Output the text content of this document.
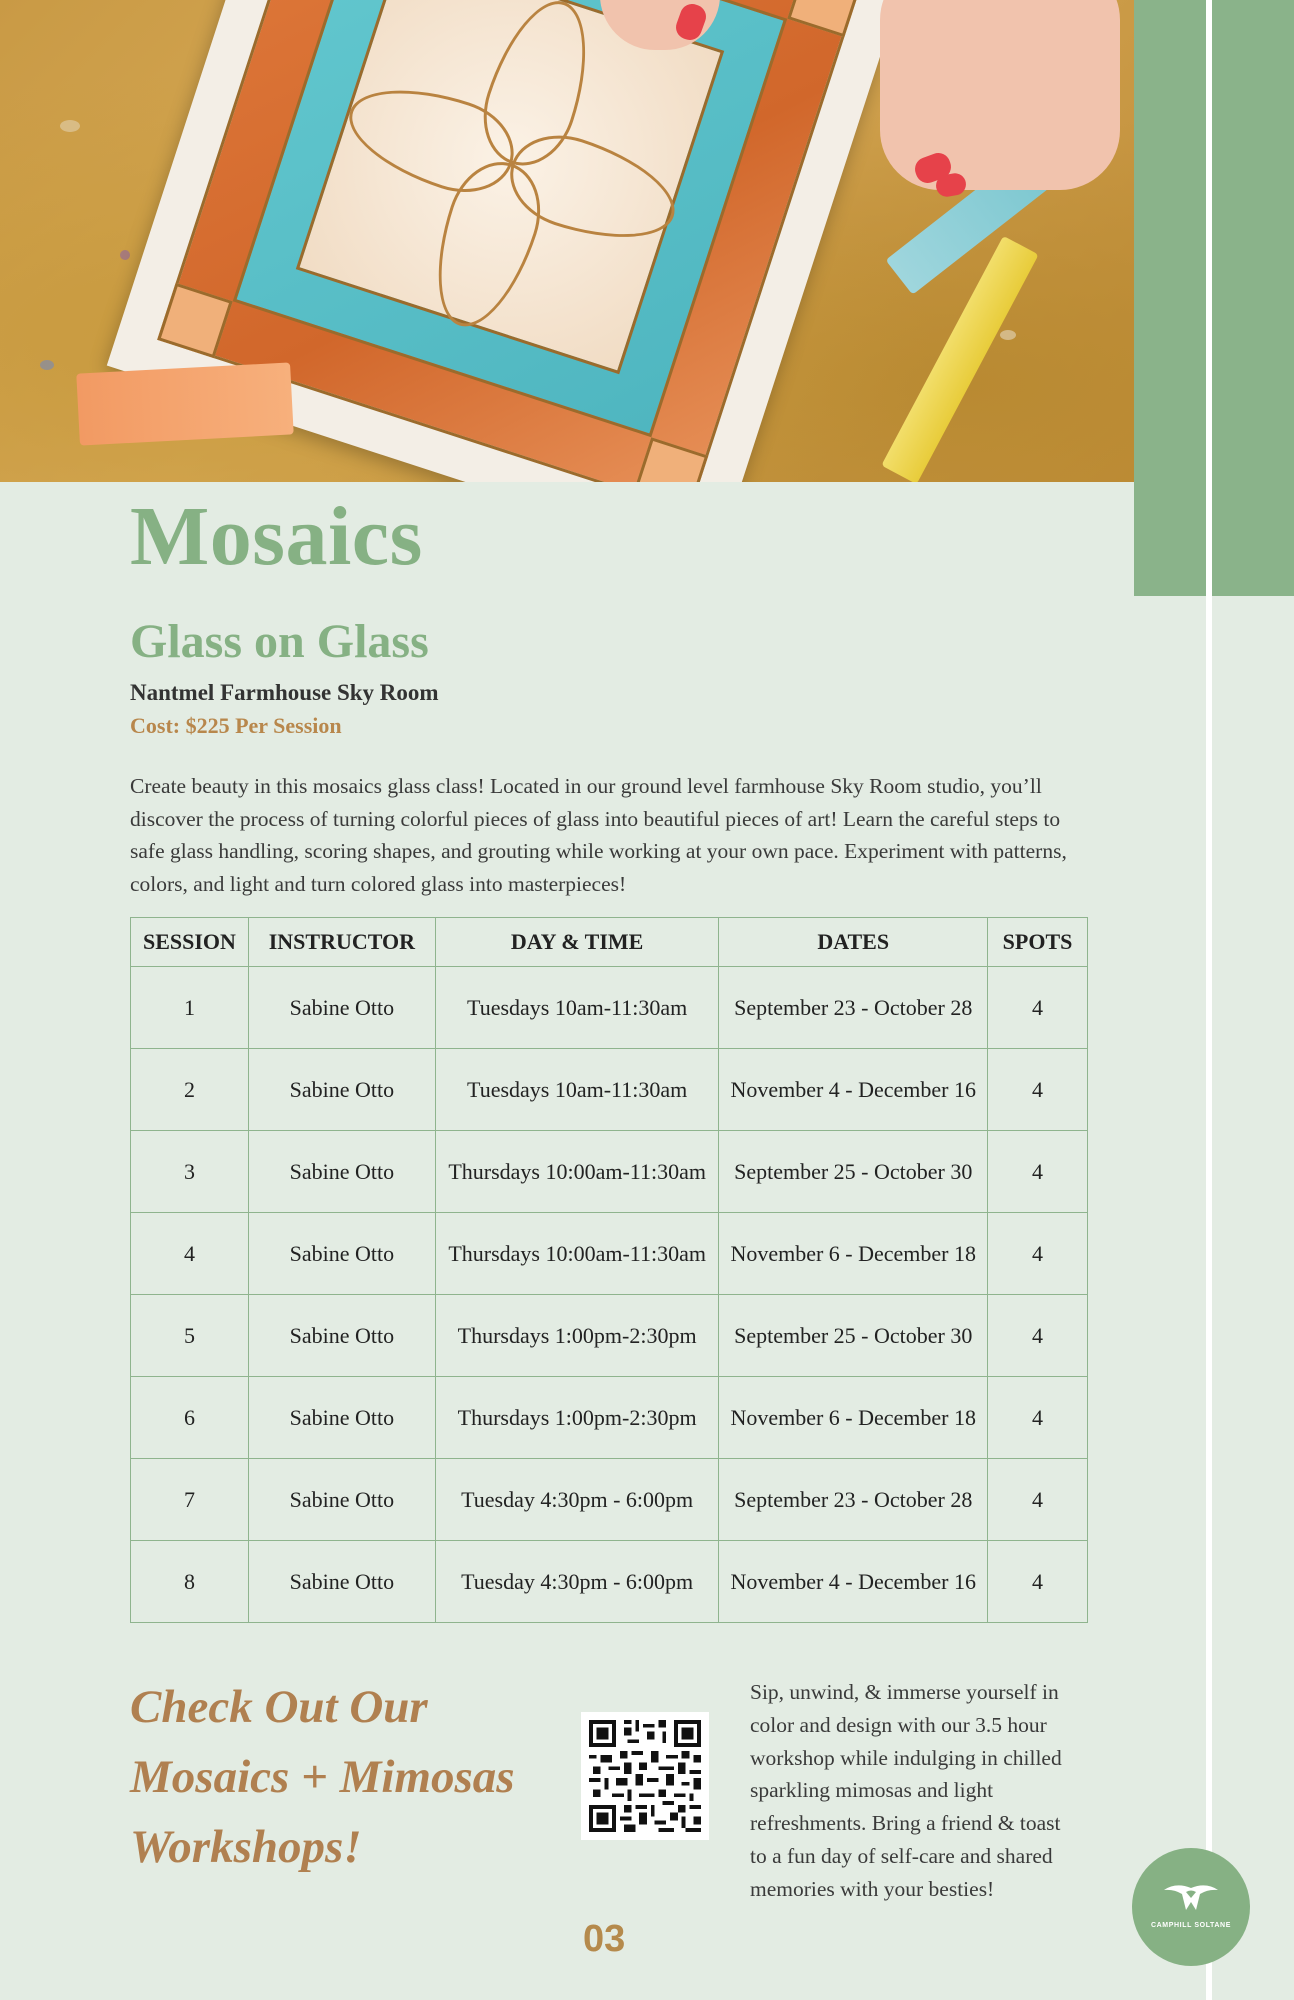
Mosaics
Glass on Glass
Nantmel Farmhouse Sky Room
Cost: $225 Per Session

Create beauty in this mosaics glass class! Located in our ground level farmhouse Sky Room studio, you’ll discover the process of turning colorful pieces of glass into beautiful pieces of art! Learn the careful steps to safe glass handling, scoring shapes, and grouting while working at your own pace. Experiment with patterns, colors, and light and turn colored glass into masterpieces!

SESSION	INSTRUCTOR	DAY & TIME	DATES	SPOTS
1	Sabine Otto	Tuesdays 10am-11:30am	September 23 - October 28	4
2	Sabine Otto	Tuesdays 10am-11:30am	November 4 - December 16	4
3	Sabine Otto	Thursdays 10:00am-11:30am	September 25 - October 30	4
4	Sabine Otto	Thursdays 10:00am-11:30am	November 6 - December 18	4
5	Sabine Otto	Thursdays 1:00pm-2:30pm	September 25 - October 30	4
6	Sabine Otto	Thursdays 1:00pm-2:30pm	November 6 - December 18	4
7	Sabine Otto	Tuesday 4:30pm - 6:00pm	September 23 - October 28	4
8	Sabine Otto	Tuesday 4:30pm - 6:00pm	November 4 - December 16	4
Check Out Our Mosaics + Mimosas Workshops!

Sip, unwind, & immerse yourself in color and design with our 3.5 hour workshop while indulging in chilled sparkling mimosas and light refreshments. Bring a friend & toast to a fun day of self-care and shared memories with your besties!

03	CAMPHILL SOLTANE
